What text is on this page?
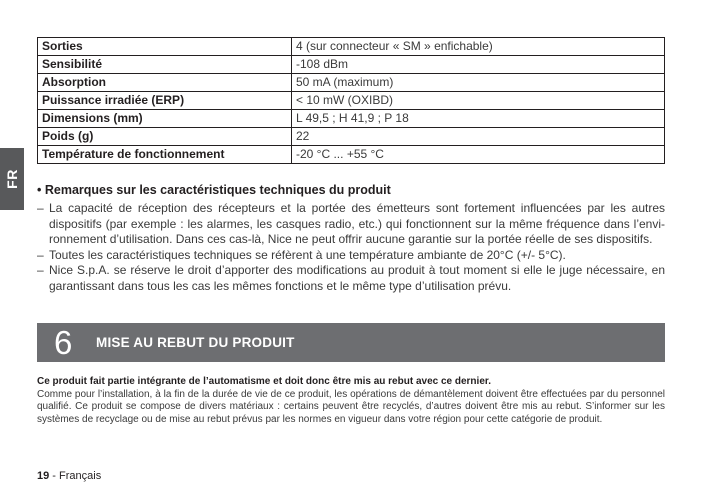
FR
Sorties	4 (sur connecteur « SM » enfichable)
Sensibilité	-108 dBm
Absorption	50 mA (maximum)
Puissance irradiée (ERP)	< 10 mW (OXIBD)
Dimensions (mm)	L 49,5 ; H 41,9 ; P 18
Poids (g)	22
Température de fonctionnement	-20 °C ... +55 °C
• Remarques sur les caractéristiques techniques du produit
– La capacité de réception des récepteurs et la portée des émetteurs sont fortement influencées par les autres dispositifs (par exemple : les alarmes, les casques radio, etc.) qui fonctionnent sur la même fréquence dans l’envi-ronnement d’utilisation. Dans ces cas-là, Nice ne peut offrir aucune garantie sur la portée réelle de ses dispositifs.
– Toutes les caractéristiques techniques se réfèrent à une température ambiante de 20°C (+/- 5°C).
– Nice S.p.A. se réserve le droit d’apporter des modifications au produit à tout moment si elle le juge nécessaire, en garantissant dans tous les cas les mêmes fonctions et le même type d’utilisation prévu.
6 MISE AU REBUT DU PRODUIT
Ce produit fait partie intégrante de l’automatisme et doit donc être mis au rebut avec ce dernier.
Comme pour l’installation, à la fin de la durée de vie de ce produit, les opérations de démantèlement doivent être effectuées par du personnel qualifié. Ce produit se compose de divers matériaux : certains peuvent être recyclés, d’autres doivent être mis au rebut. S’informer sur les systèmes de recyclage ou de mise au rebut prévus par les normes en vigueur dans votre région pour cette catégorie de produit.
19 - Français
